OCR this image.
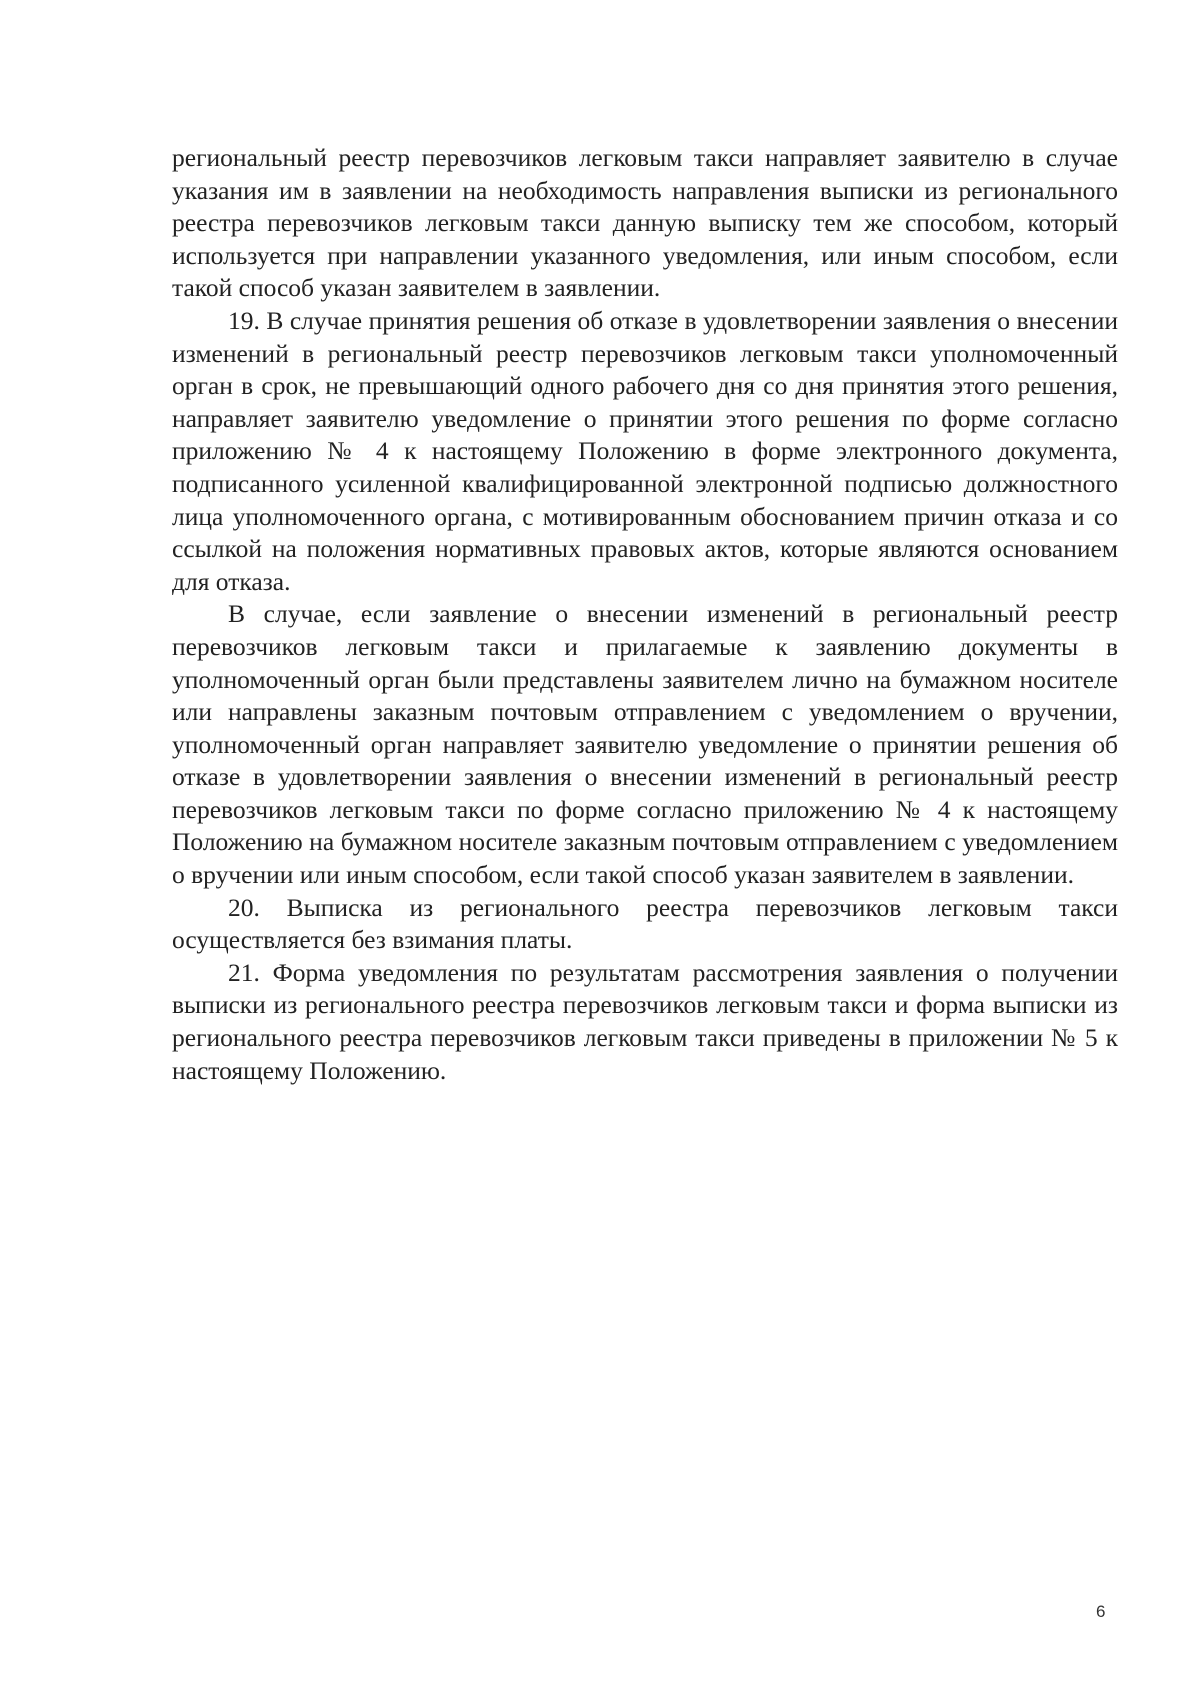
региональный реестр перевозчиков легковым такси направляет заявителю в случае указания им в заявлении на необходимость направления выписки из регионального реестра перевозчиков легковым такси данную выписку тем же способом, который используется при направлении указанного уведомления, или иным способом, если такой способ указан заявителем в заявлении.

19. В случае принятия решения об отказе в удовлетворении заявления о внесении изменений в региональный реестр перевозчиков легковым такси уполномоченный орган в срок, не превышающий одного рабочего дня со дня принятия этого решения, направляет заявителю уведомление о принятии этого решения по форме согласно приложению № 4 к настоящему Положению в форме электронного документа, подписанного усиленной квалифицированной электронной подписью должностного лица уполномоченного органа, с мотивированным обоснованием причин отказа и со ссылкой на положения нормативных правовых актов, которые являются основанием для отказа.

В случае, если заявление о внесении изменений в региональный реестр перевозчиков легковым такси и прилагаемые к заявлению документы в уполномоченный орган были представлены заявителем лично на бумажном носителе или направлены заказным почтовым отправлением с уведомлением о вручении, уполномоченный орган направляет заявителю уведомление о принятии решения об отказе в удовлетворении заявления о внесении изменений в региональный реестр перевозчиков легковым такси по форме согласно приложению № 4 к настоящему Положению на бумажном носителе заказным почтовым отправлением с уведомлением о вручении или иным способом, если такой способ указан заявителем в заявлении.

20. Выписка из регионального реестра перевозчиков легковым такси осуществляется без взимания платы.

21. Форма уведомления по результатам рассмотрения заявления о получении выписки из регионального реестра перевозчиков легковым такси и форма выписки из регионального реестра перевозчиков легковым такси приведены в приложении № 5 к настоящему Положению.

6
